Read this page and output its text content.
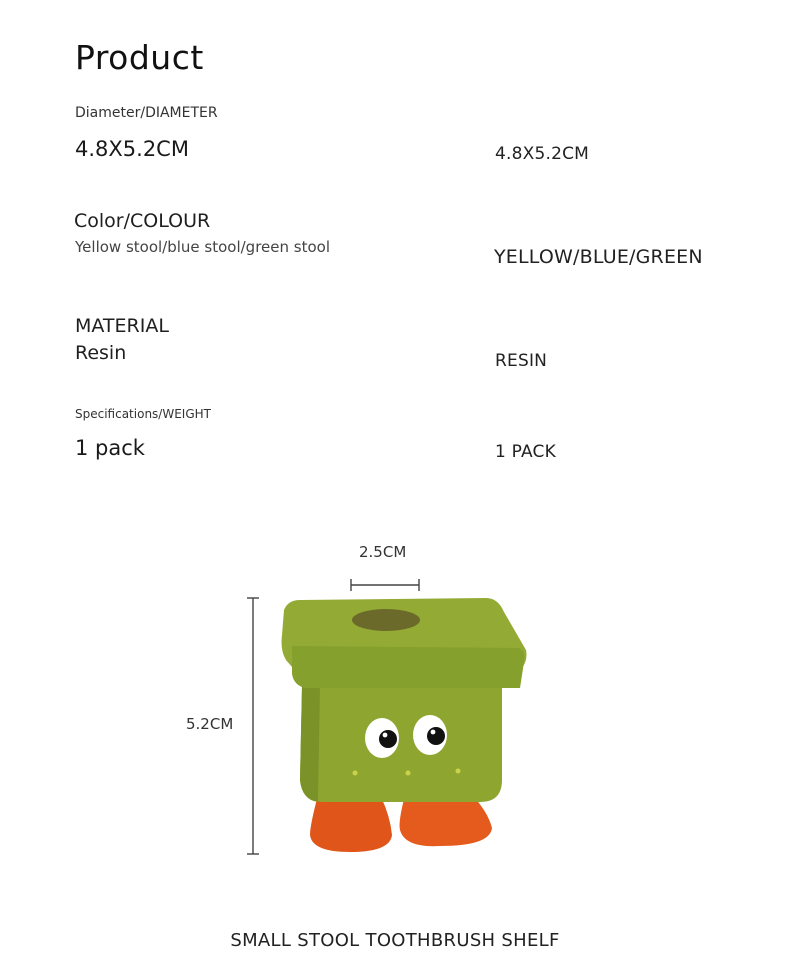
Product
Diameter/DIAMETER
4.8X5.2CM	4.8X5.2CM
Color/COLOUR
Yellow stool/blue stool/green stool	YELLOW/BLUE/GREEN
MATERIAL
Resin	RESIN
Specifications/WEIGHT
1 pack	1 PACK
2.5CM
5.2CM
SMALL STOOL TOOTHBRUSH SHELF
